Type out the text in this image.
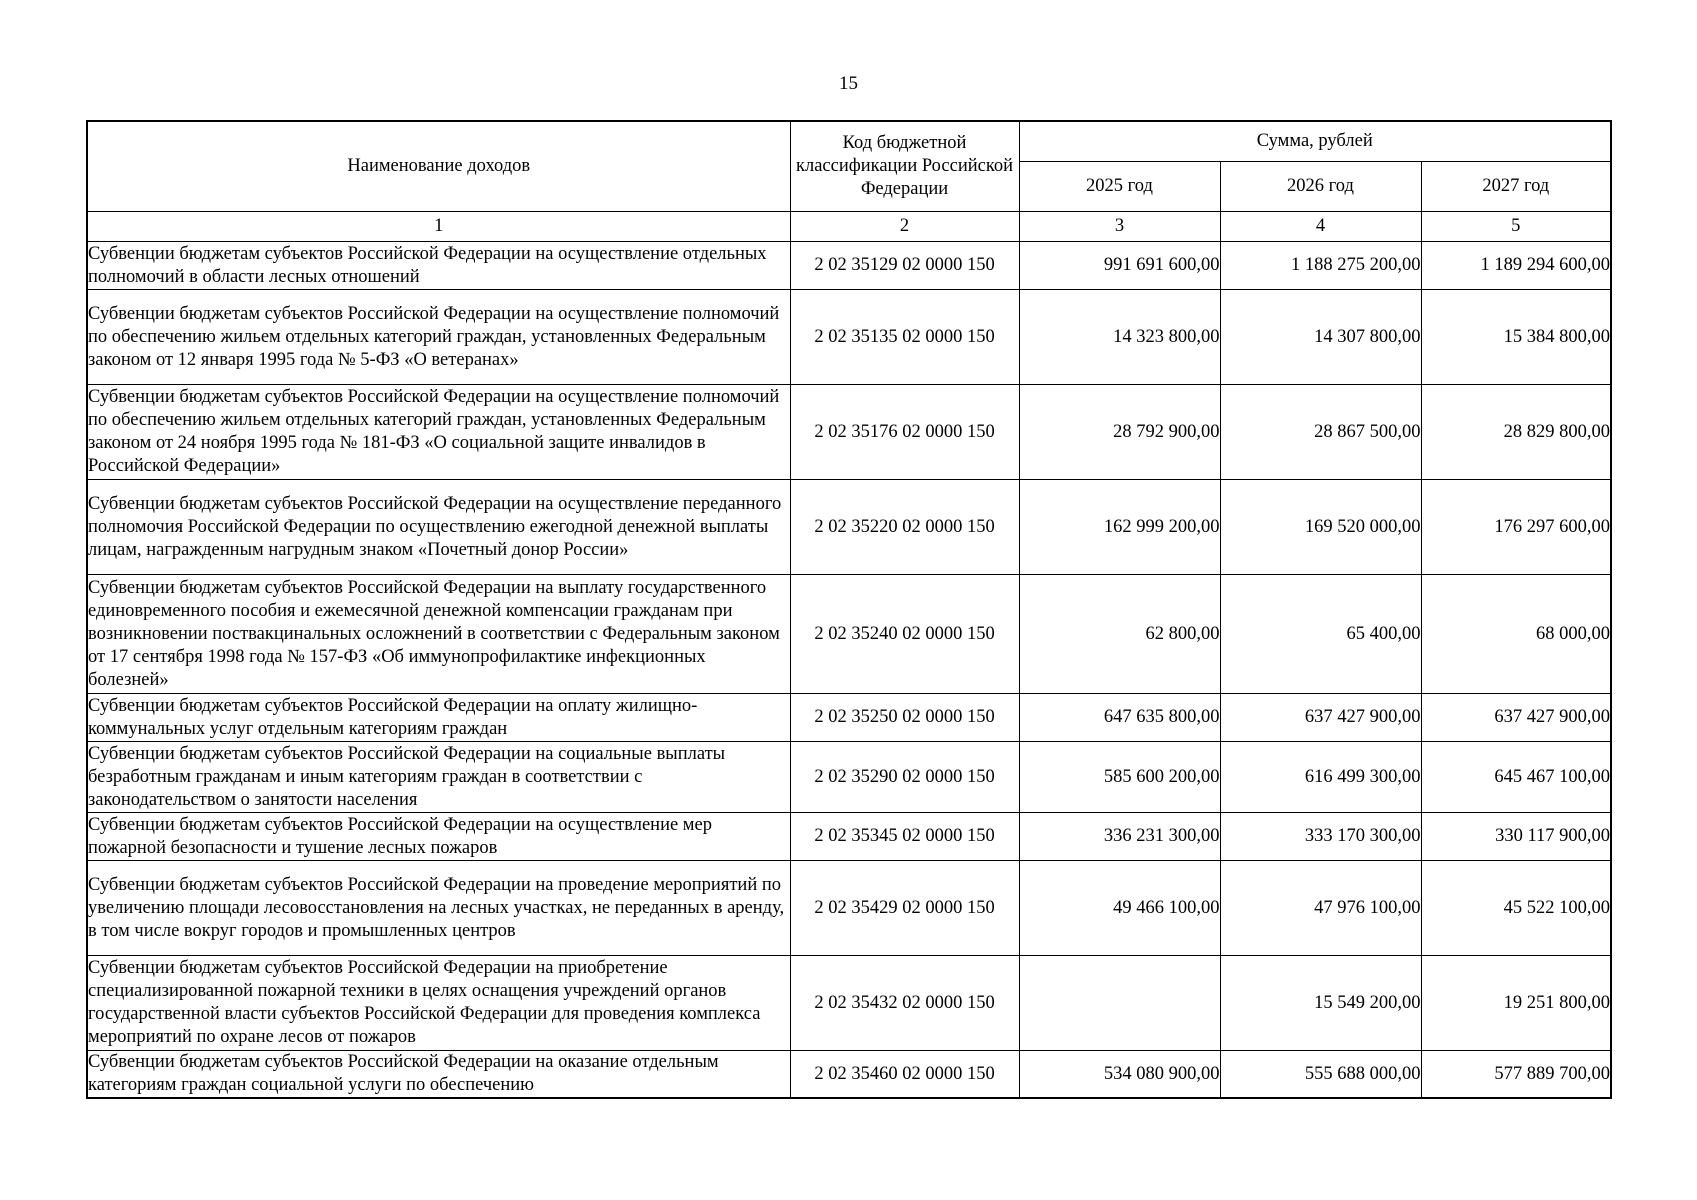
15
Наименование доходов	Код бюджетной классификации Российской Федерации	Сумма, рублей		
		2025 год	2026 год	2027 год
1	2	3	4	5
Субвенции бюджетам субъектов Российской Федерации на осуществление отдельных полномочий в области лесных отношений	2 02 35129 02 0000 150	991 691 600,00	1 188 275 200,00	1 189 294 600,00
Субвенции бюджетам субъектов Российской Федерации на осуществление полномочий по обеспечению жильем отдельных категорий граждан, установленных Федеральным законом от 12 января 1995 года № 5-ФЗ «О ветеранах»	2 02 35135 02 0000 150	14 323 800,00	14 307 800,00	15 384 800,00
Субвенции бюджетам субъектов Российской Федерации на осуществление полномочий по обеспечению жильем отдельных категорий граждан, установленных Федеральным законом от 24 ноября 1995 года № 181-ФЗ «О социальной защите инвалидов в Российской Федерации»	2 02 35176 02 0000 150	28 792 900,00	28 867 500,00	28 829 800,00
Субвенции бюджетам субъектов Российской Федерации на осуществление переданного полномочия Российской Федерации по осуществлению ежегодной денежной выплаты лицам, награжденным нагрудным знаком «Почетный донор России»	2 02 35220 02 0000 150	162 999 200,00	169 520 000,00	176 297 600,00
Субвенции бюджетам субъектов Российской Федерации на выплату государственного единовременного пособия и ежемесячной денежной компенсации гражданам при возникновении поствакцинальных осложнений в соответствии с Федеральным законом от 17 сентября 1998 года № 157-ФЗ «Об иммунопрофилактике инфекционных болезней»	2 02 35240 02 0000 150	62 800,00	65 400,00	68 000,00
Субвенции бюджетам субъектов Российской Федерации на оплату жилищно-коммунальных услуг отдельным категориям граждан	2 02 35250 02 0000 150	647 635 800,00	637 427 900,00	637 427 900,00
Субвенции бюджетам субъектов Российской Федерации на социальные выплаты безработным гражданам и иным категориям граждан в соответствии с законодательством о занятости населения	2 02 35290 02 0000 150	585 600 200,00	616 499 300,00	645 467 100,00
Субвенции бюджетам субъектов Российской Федерации на осуществление мер пожарной безопасности и тушение лесных пожаров	2 02 35345 02 0000 150	336 231 300,00	333 170 300,00	330 117 900,00
Субвенции бюджетам субъектов Российской Федерации на проведение мероприятий по увеличению площади лесовосстановления на лесных участках, не переданных в аренду, в том числе вокруг городов и промышленных центров	2 02 35429 02 0000 150	49 466 100,00	47 976 100,00	45 522 100,00
Субвенции бюджетам субъектов Российской Федерации на приобретение специализированной пожарной техники в целях оснащения учреждений органов государственной власти субъектов Российской Федерации для проведения комплекса мероприятий по охране лесов от пожаров	2 02 35432 02 0000 150		15 549 200,00	19 251 800,00
Субвенции бюджетам субъектов Российской Федерации на оказание отдельным категориям граждан социальной услуги по обеспечению	2 02 35460 02 0000 150	534 080 900,00	555 688 000,00	577 889 700,00
